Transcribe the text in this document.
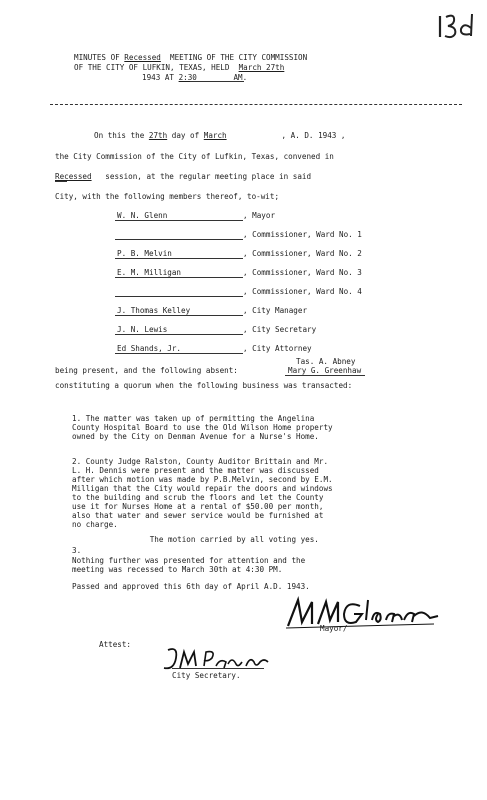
MINUTES OF Recessed MEETING OF THE CITY COMMISSION
OF THE CITY OF LUFKIN, TEXAS, HELD March 27th
1943 AT 2:30	AM.
On this the 27th day of March	, A. D. 1943 ,
the City Commission of the City of Lufkin, Texas, convened in
Recessed session, at the regular meeting place in said
City, with the following members thereof, to-wit;
W. N. Glenn	, Mayor
, Commissioner, Ward No. 1
P. B. Melvin	, Commissioner, Ward No. 2
E. M. Milligan	, Commissioner, Ward No. 3
, Commissioner, Ward No. 4
J. Thomas Kelley	, City Manager
J. N. Lewis	, City Secretary
Ed Shands, Jr.	, City Attorney
Tas. A. Abney
being present, and the following absent:	Mary G. Greenhaw
constituting a quorum when the following business was transacted:
1. The matter was taken up of permitting the Angelina
County Hospital Board to use the Old Wilson Home property
owned by the City on Denman Avenue for a Nurse's Home.
2. County Judge Ralston, County Auditor Brittain and Mr.
L. H. Dennis were present and the matter was discussed
after which motion was made by P.B.Melvin, second by E.M.
Milligan that the City would repair the doors and windows
to the building and scrub the floors and let the County
use it for Nurses Home at a rental of $50.00 per month,
also that water and sewer service would be furnished at
no charge.
The motion carried by all voting yes.
3.
Nothing further was presented for attention and the
meeting was recessed to March 30th at 4:30 PM.
Passed and approved this 6th day of April A.D. 1943.
Mayor/
Attest:
City Secretary.
